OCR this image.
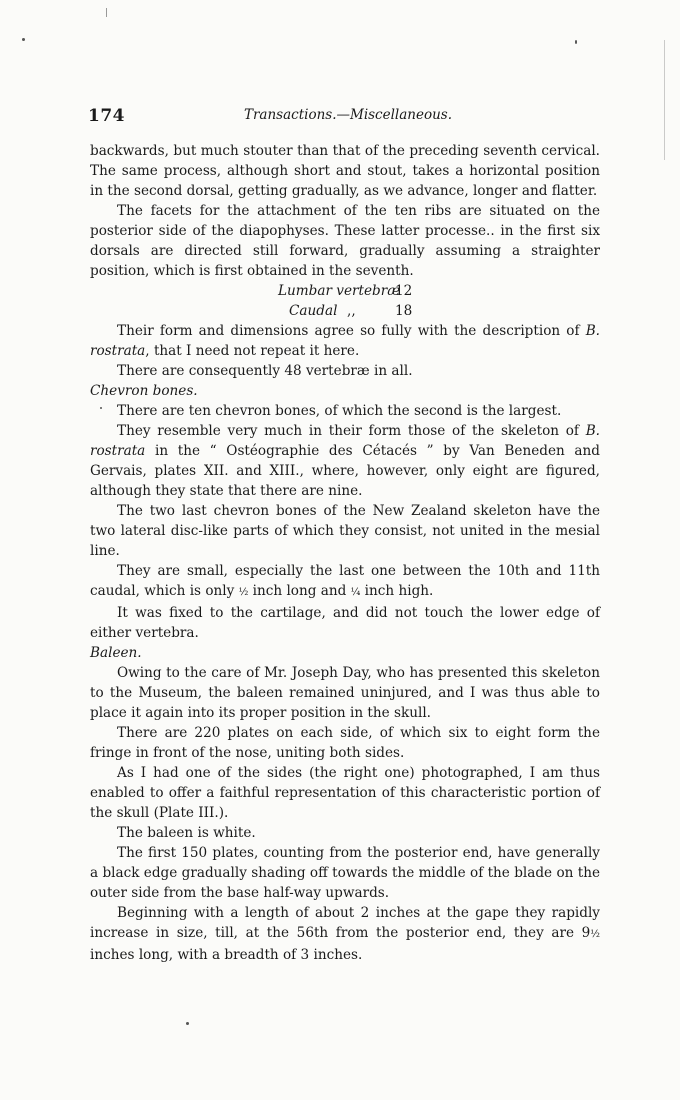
174	Transactions.—Miscellaneous.

backwards, but much stouter than that of the preceding seventh cervical. The same process, although short and stout, takes a horizontal position in the second dorsal, getting gradually, as we advance, longer and flatter.

The facets for the attachment of the ten ribs are situated on the posterior side of the diapophyses. These latter processe.. in the first six dorsals are directed still forward, gradually assuming a straighter position, which is first obtained in the seventh.

Lumbar vertebræ
12
Caudal ,,	18

Their form and dimensions agree so fully with the description of B. rostrata, that I need not repeat it here.

There are consequently 48 vertebræ in all.

Chevron bones.

There are ten chevron bones, of which the second is the largest.

They resemble very much in their form those of the skeleton of B. rostrata in the “ Ostéographie des Cétacés ” by Van Beneden and Gervais, plates XII. and XIII., where, however, only eight are figured, although they state that there are nine.

The two last chevron bones of the New Zealand skeleton have the two lateral disc-like parts of which they consist, not united in the mesial line.

They are small, especially the last one between the 10th and 11th caudal, which is only ½ inch long and ¼ inch high.

It was fixed to the cartilage, and did not touch the lower edge of either vertebra.

Baleen.

Owing to the care of Mr. Joseph Day, who has presented this skeleton to the Museum, the baleen remained uninjured, and I was thus able to place it again into its proper position in the skull.

There are 220 plates on each side, of which six to eight form the fringe in front of the nose, uniting both sides.

As I had one of the sides (the right one) photographed, I am thus enabled to offer a faithful representation of this characteristic portion of the skull (Plate III.).

The baleen is white.

The first 150 plates, counting from the posterior end, have generally a black edge gradually shading off towards the middle of the blade on the outer side from the base half-way upwards.

Beginning with a length of about 2 inches at the gape they rapidly increase in size, till, at the 56th from the posterior end, they are 9½ inches long, with a breadth of 3 inches.
